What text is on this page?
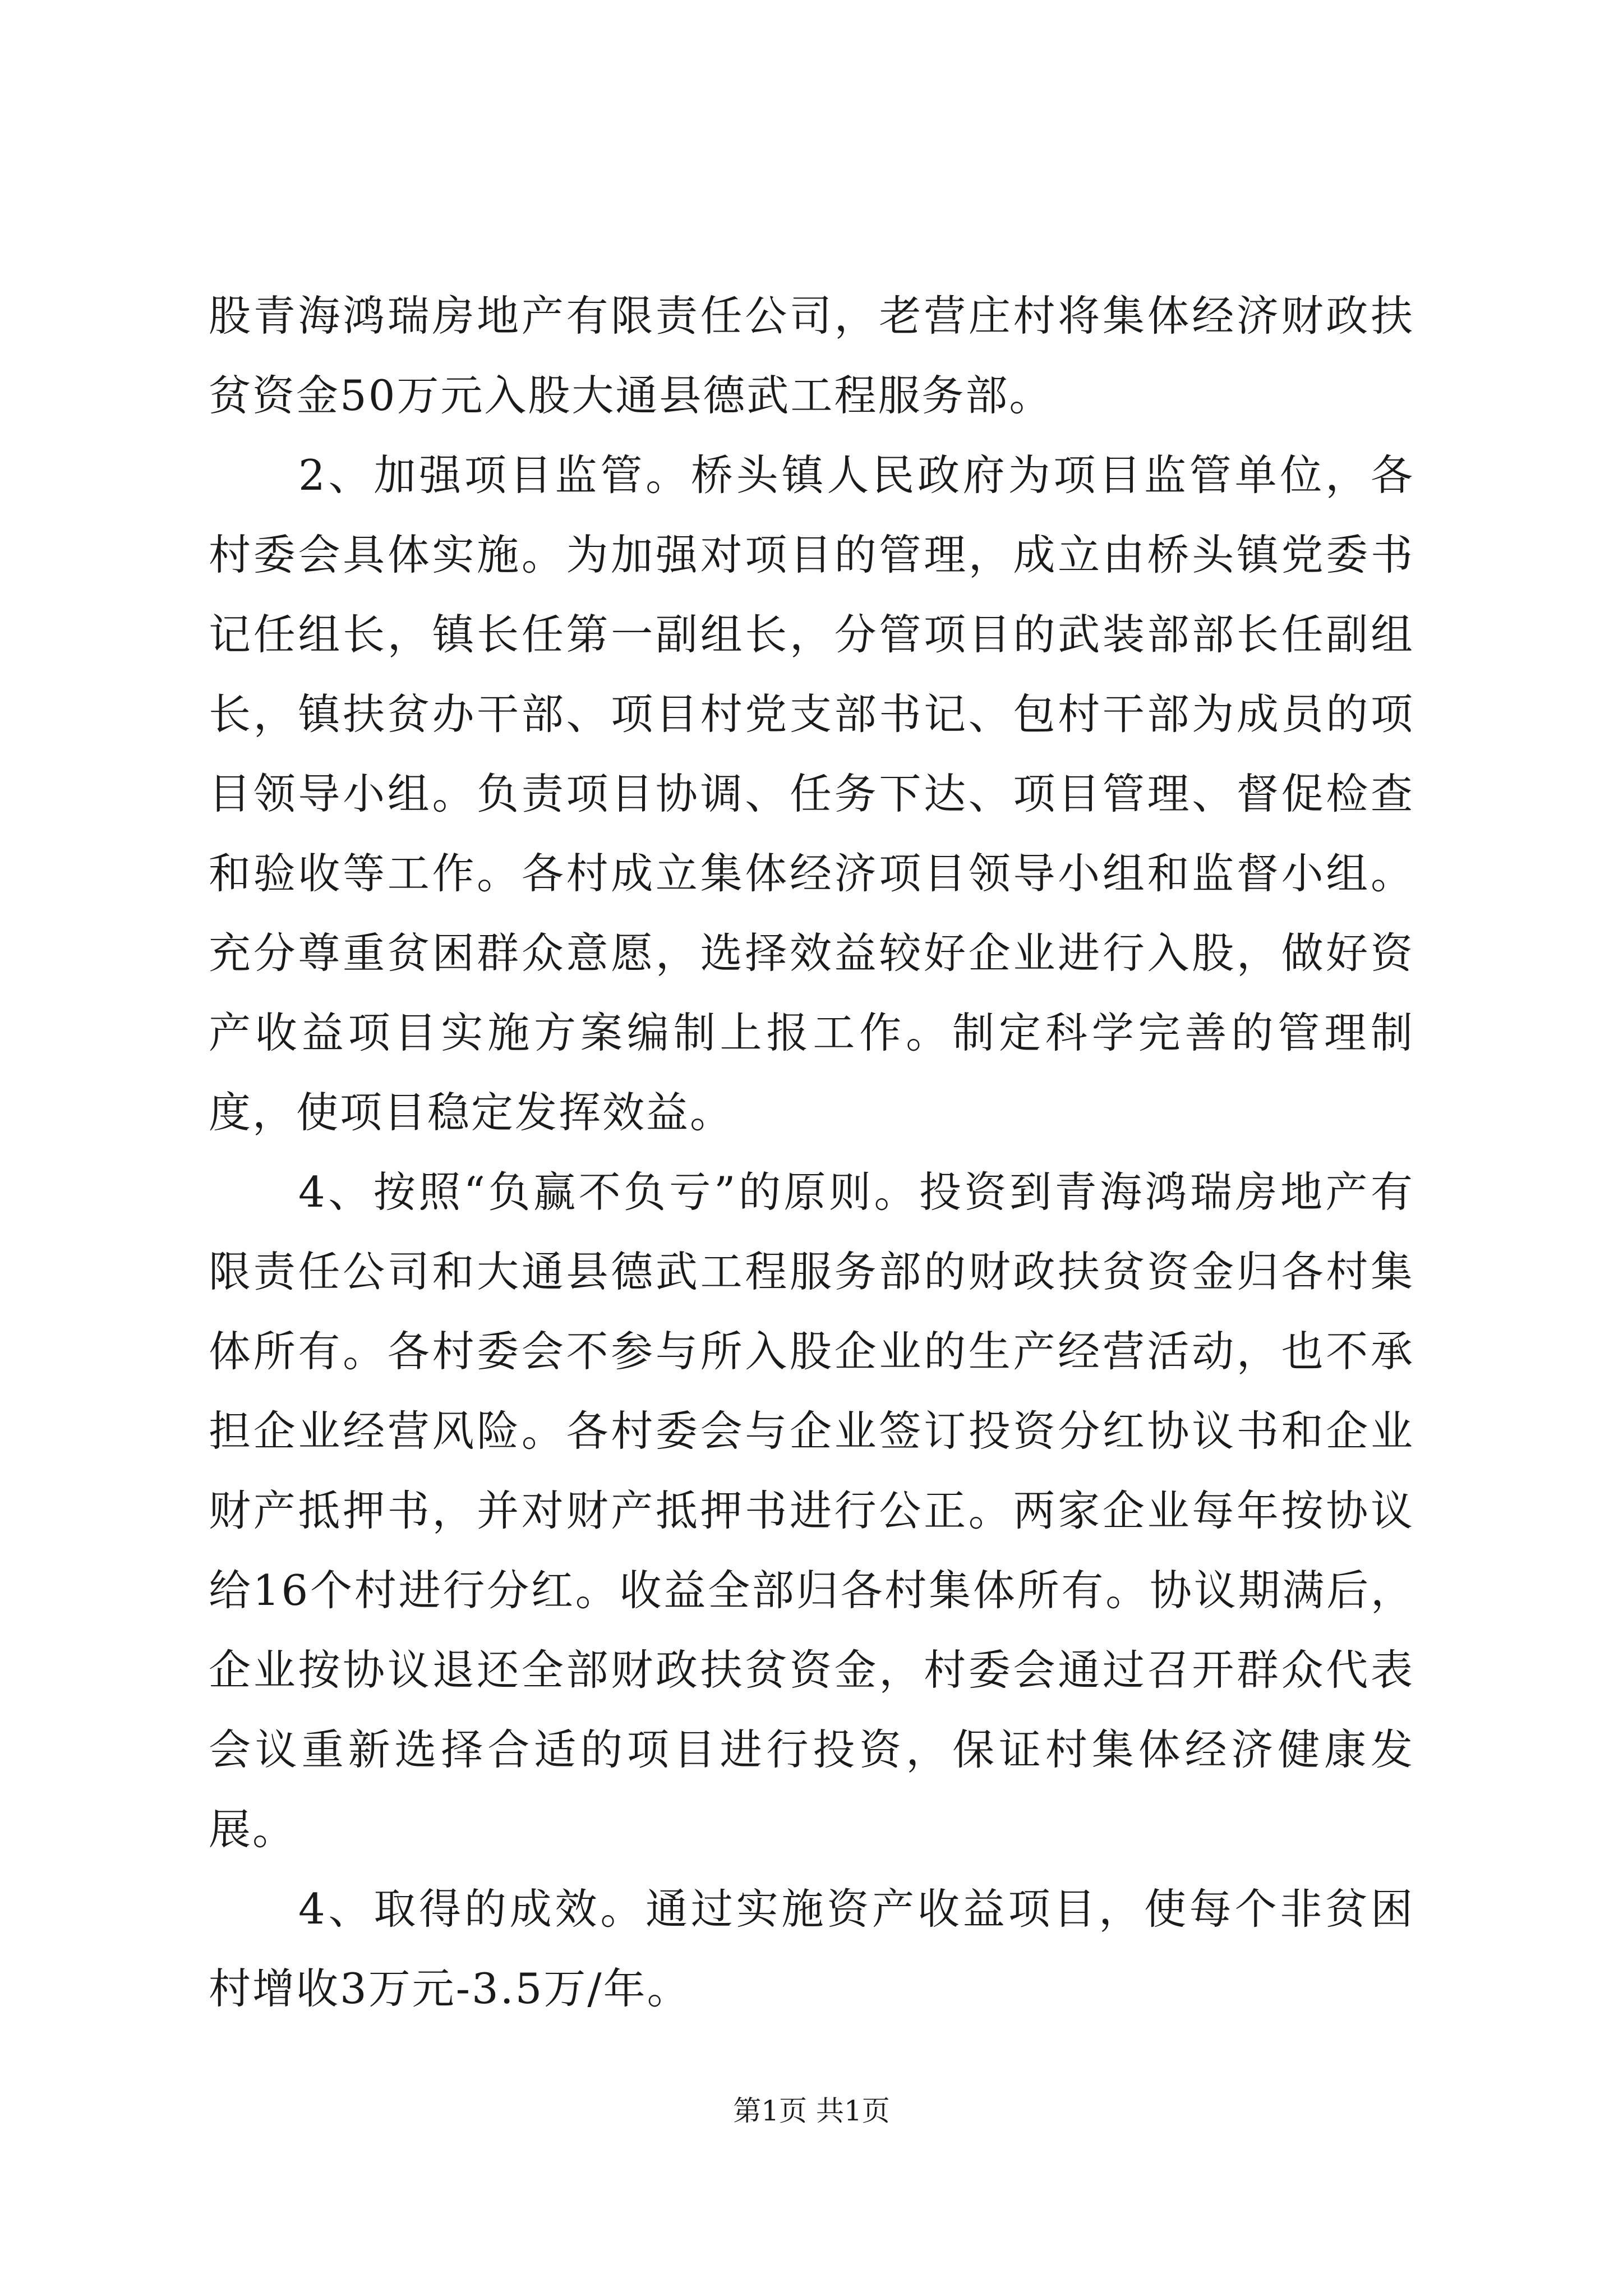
股青海鸿瑞房地产有限责任公司，老营庄村将集体经济财政扶贫资金50万元入股大通县德武工程服务部。

2、加强项目监管。桥头镇人民政府为项目监管单位，各村委会具体实施。为加强对项目的管理，成立由桥头镇党委书记任组长，镇长任第一副组长，分管项目的武装部部长任副组长，镇扶贫办干部、项目村党支部书记、包村干部为成员的项目领导小组。负责项目协调、任务下达、项目管理、督促检查和验收等工作。各村成立集体经济项目领导小组和监督小组。充分尊重贫困群众意愿，选择效益较好企业进行入股，做好资产收益项目实施方案编制上报工作。制定科学完善的管理制度，使项目稳定发挥效益。

4、按照“负赢不负亏”的原则。投资到青海鸿瑞房地产有限责任公司和大通县德武工程服务部的财政扶贫资金归各村集体所有。各村委会不参与所入股企业的生产经营活动，也不承担企业经营风险。各村委会与企业签订投资分红协议书和企业财产抵押书，并对财产抵押书进行公正。两家企业每年按协议给16个村进行分红。收益全部归各村集体所有。协议期满后，企业按协议退还全部财政扶贫资金，村委会通过召开群众代表会议重新选择合适的项目进行投资，保证村集体经济健康发展。

4、取得的成效。通过实施资产收益项目，使每个非贫困村增收3万元-3.5万/年。

第1页 共1页
